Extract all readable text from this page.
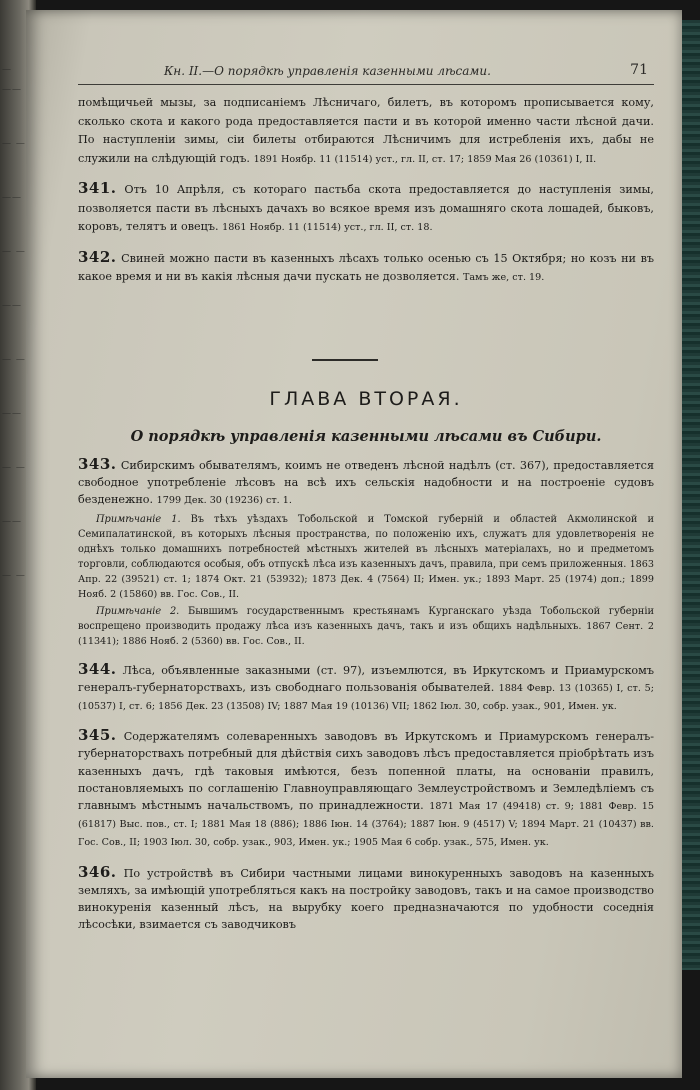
— ——
— —
——
— —
——
— —
——
— —
——
— —
Кн. II.—О порядкѣ управленія казенными лѣсами.	71

помѣщичьей мызы, за подписаніемъ Лѣсничаго, билетъ, въ которомъ прописывается кому, сколько скота и какого рода предоставляется пасти и въ которой именно части лѣсной дачи. По наступленіи зимы, сіи билеты отбираются Лѣсничимъ для истребленія ихъ, дабы не служили на слѣдующій годъ. 1891 Ноябр. 11 (11514) уст., гл. II, ст. 17; 1859 Мая 26 (10361) I, II.

341. Отъ 10 Апрѣля, съ котораго пастьба скота предоставляется до наступленія зимы, позволяется пасти въ лѣсныхъ дачахъ во всякое время изъ домашняго скота лошадей, быковъ, коровъ, телятъ и овецъ. 1861 Ноябр. 11 (11514) уст., гл. II, ст. 18.

342. Свиней можно пасти въ казенныхъ лѣсахъ только осенью съ 15 Октября; но козъ ни въ какое время и ни въ какія лѣсныя дачи пускать не дозволяется. Тамъ же, ст. 19.

ГЛАВА ВТОРАЯ.
О порядкѣ управленія казенными лѣсами въ Сибири.

343. Сибирскимъ обывателямъ, коимъ не отведенъ лѣсной надѣлъ (ст. 367), предоставляется свободное употребленіе лѣсовъ на всѣ ихъ сельскія надобности и на построеніе судовъ безденежно. 1799 Дек. 30 (19236) ст. 1.

Примѣчаніе 1. Въ тѣхъ уѣздахъ Тобольской и Томской губерній и областей Акмолинской и Семипалатинской, въ которыхъ лѣсныя пространства, по положенію ихъ, служатъ для удовлетворенія не однѣхъ только домашнихъ потребностей мѣстныхъ жителей въ лѣсныхъ матеріалахъ, но и предметомъ торговли, соблюдаются особыя, объ отпускѣ лѣса изъ казенныхъ дачъ, правила, при семъ приложенныя. 1863 Апр. 22 (39521) ст. 1; 1874 Окт. 21 (53932); 1873 Дек. 4 (7564) II; Имен. ук.; 1893 Март. 25 (1974) доп.; 1899 Нояб. 2 (15860) вв. Гос. Сов., II.

Примѣчаніе 2. Бывшимъ государственнымъ крестьянамъ Курганскаго уѣзда Тобольской губерніи воспрещено производить продажу лѣса изъ казенныхъ дачъ, такъ и изъ общихъ надѣльныхъ. 1867 Сент. 2 (11341); 1886 Нояб. 2 (5360) вв. Гос. Сов., II.

344. Лѣса, объявленные заказными (ст. 97), изъемлются, въ Иркутскомъ и Приамурскомъ генералъ-губернаторствахъ, изъ свободнаго пользованія обывателей. 1884 Февр. 13 (10365) I, ст. 5; (10537) I, ст. 6; 1856 Дек. 23 (13508) IV; 1887 Мая 19 (10136) VII; 1862 Іюл. 30, собр. узак., 901, Имен. ук.

345. Содержателямъ солеваренныхъ заводовъ въ Иркутскомъ и Приамурскомъ генералъ-губернаторствахъ потребный для дѣйствія сихъ заводовъ лѣсъ предоставляется пріобрѣтать изъ казенныхъ дачъ, гдѣ таковыя имѣются, безъ попенной платы, на основаніи правилъ, постановляемыхъ по соглашенію Главноуправляющаго Землеустройствомъ и Земледѣліемъ съ главнымъ мѣстнымъ начальствомъ, по принадлежности. 1871 Мая 17 (49418) ст. 9; 1881 Февр. 15 (61817) Выс. пов., ст. I; 1881 Мая 18 (886); 1886 Іюн. 14 (3764); 1887 Іюн. 9 (4517) V; 1894 Март. 21 (10437) вв. Гос. Сов., II; 1903 Іюл. 30, собр. узак., 903, Имен. ук.; 1905 Мая 6 собр. узак., 575, Имен. ук.

346. По устройствѣ въ Сибири частными лицами винокуренныхъ заводовъ на казенныхъ земляхъ, за имѣющій употребляться какъ на постройку заводовъ, такъ и на самое производство винокуренія казенный лѣсъ, на вырубку коего предназначаются по удобности соседнія лѣсосѣки, взимается съ заводчиковъ
